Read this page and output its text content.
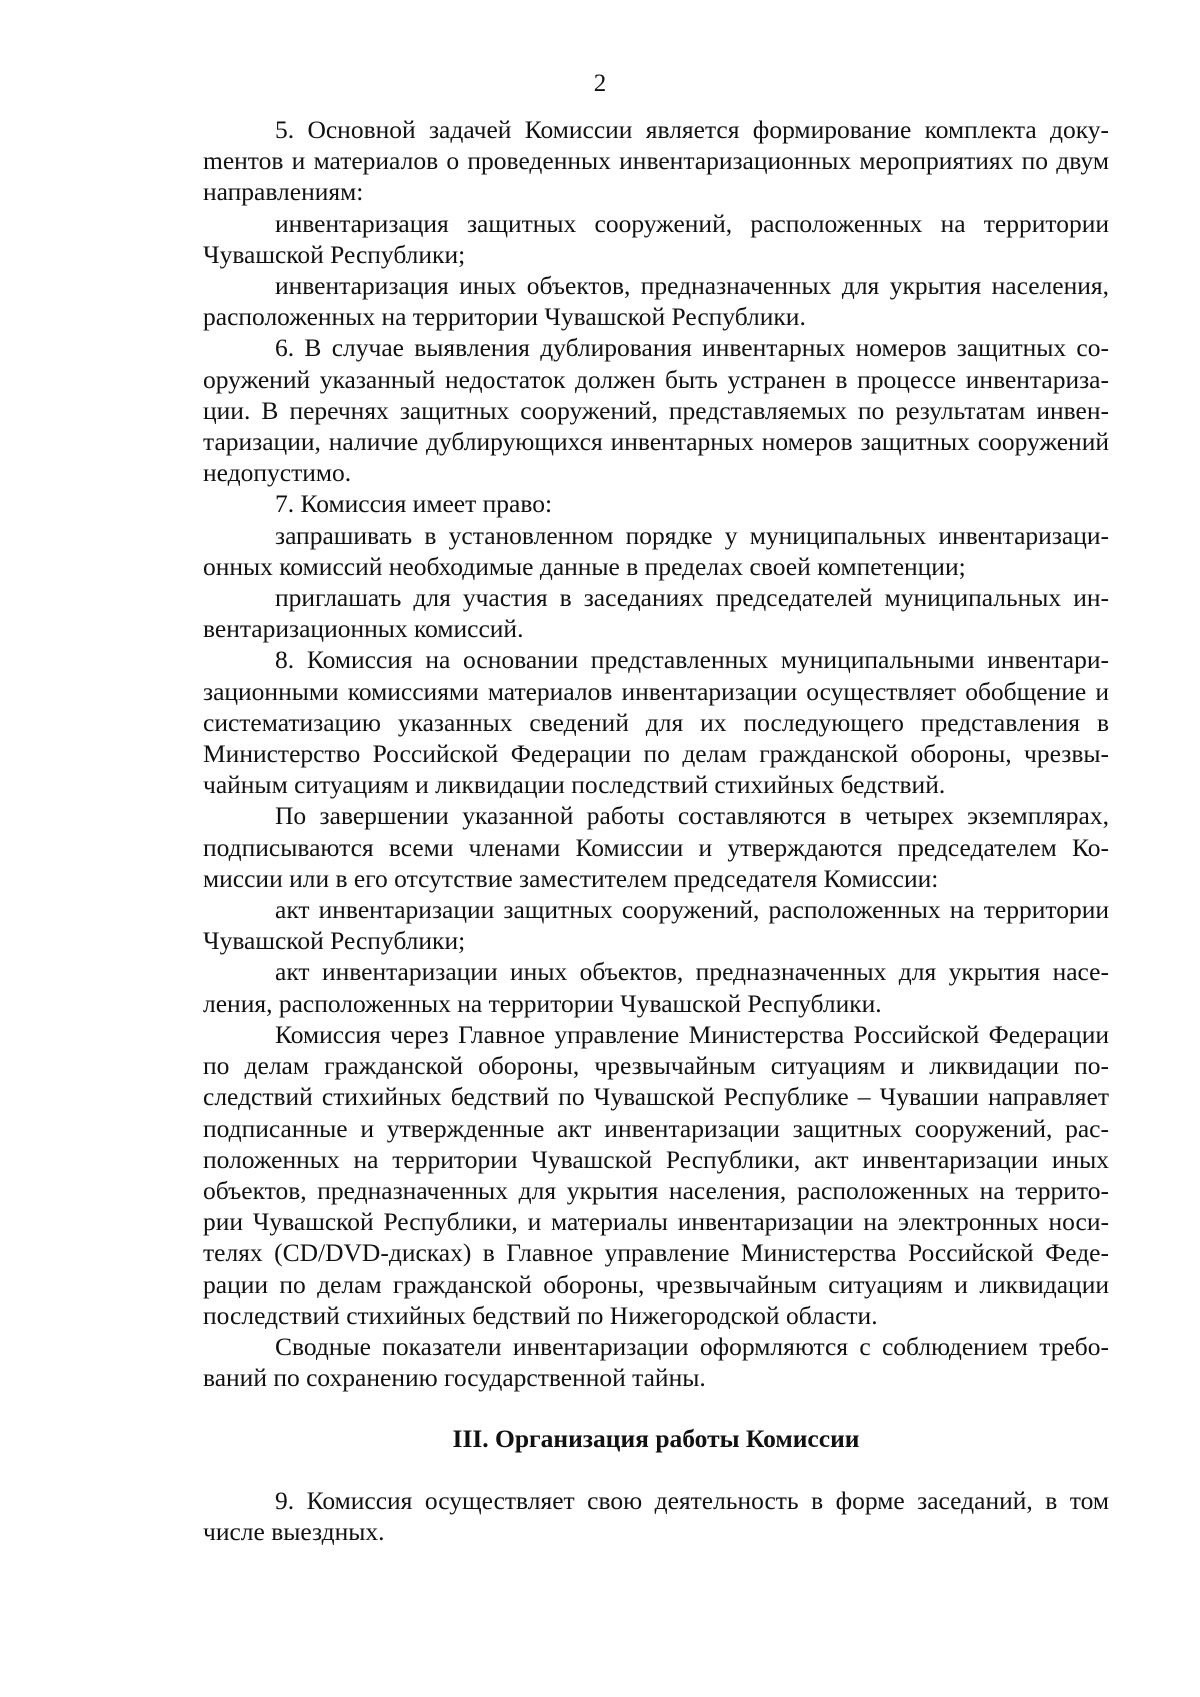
2

5. Основной задачей Комиссии является формирование комплекта докуmентов и материалов о проведенных инвентаризационных мероприятиях по двум направлениям:

инвентаризация защитных сооружений, расположенных на территории Чувашской Республики;

инвентаризация иных объектов, предназначенных для укрытия населения, расположенных на территории Чувашской Республики.

6. В случае выявления дублирования инвентарных номеров защитных сооружений указанный недостаток должен быть устранен в процессе инвентаризации. В перечнях защитных сооружений, представляемых по результатам инвентаризации, наличие дублирующихся инвентарных номеров защитных сооружений недопустимо.

7. Комиссия имеет право:

запрашивать в установленном порядке у муниципальных инвентаризационных комиссий необходимые данные в пределах своей компетенции;

приглашать для участия в заседаниях председателей муниципальных инвентаризационных комиссий.

8. Комиссия на основании представленных муниципальными инвентаризационными комиссиями материалов инвентаризации осуществляет обобщение и систематизацию указанных сведений для их последующего представления в Министерство Российской Федерации по делам гражданской обороны, чрезвычайным ситуациям и ликвидации последствий стихийных бедствий.

По завершении указанной работы составляются в четырех экземплярах, подписываются всеми членами Комиссии и утверждаются председателем Комиссии или в его отсутствие заместителем председателя Комиссии:

акт инвентаризации защитных сооружений, расположенных на территории Чувашской Республики;

акт инвентаризации иных объектов, предназначенных для укрытия населения, расположенных на территории Чувашской Республики.

Комиссия через Главное управление Министерства Российской Федерации по делам гражданской обороны, чрезвычайным ситуациям и ликвидации последствий стихийных бедствий по Чувашской Республике – Чувашии направляет подписанные и утвержденные акт инвентаризации защитных сооружений, расположенных на территории Чувашской Республики, акт инвентаризации иных объектов, предназначенных для укрытия населения, расположенных на территории Чувашской Республики, и материалы инвентаризации на электронных носителях (CD/DVD-дисках) в Главное управление Министерства Российской Федерации по делам гражданской обороны, чрезвычайным ситуациям и ликвидации последствий стихийных бедствий по Нижегородской области.

Сводные показатели инвентаризации оформляются с соблюдением требований по сохранению государственной тайны.

III. Организация работы Комиссии

9. Комиссия осуществляет свою деятельность в форме заседаний, в том числе выездных.
